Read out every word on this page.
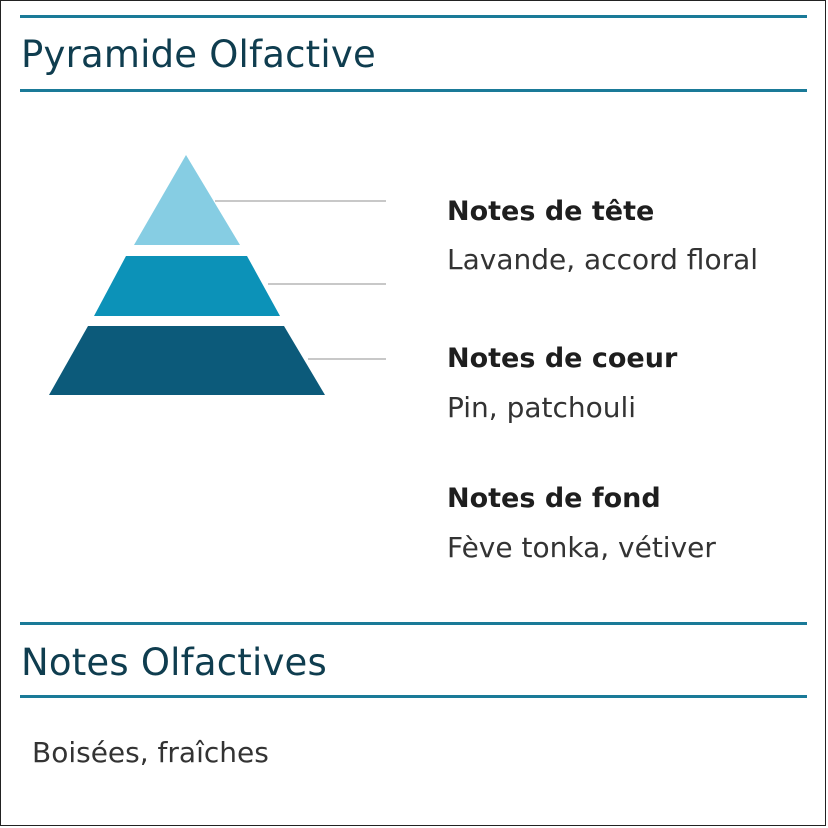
Pyramide Olfactive
Notes de tête

Lavande, accord floral

Notes de coeur

Pin, patchouli

Notes de fond

Fève tonka, vétiver

Notes Olfactives

Boisées, fraîches
